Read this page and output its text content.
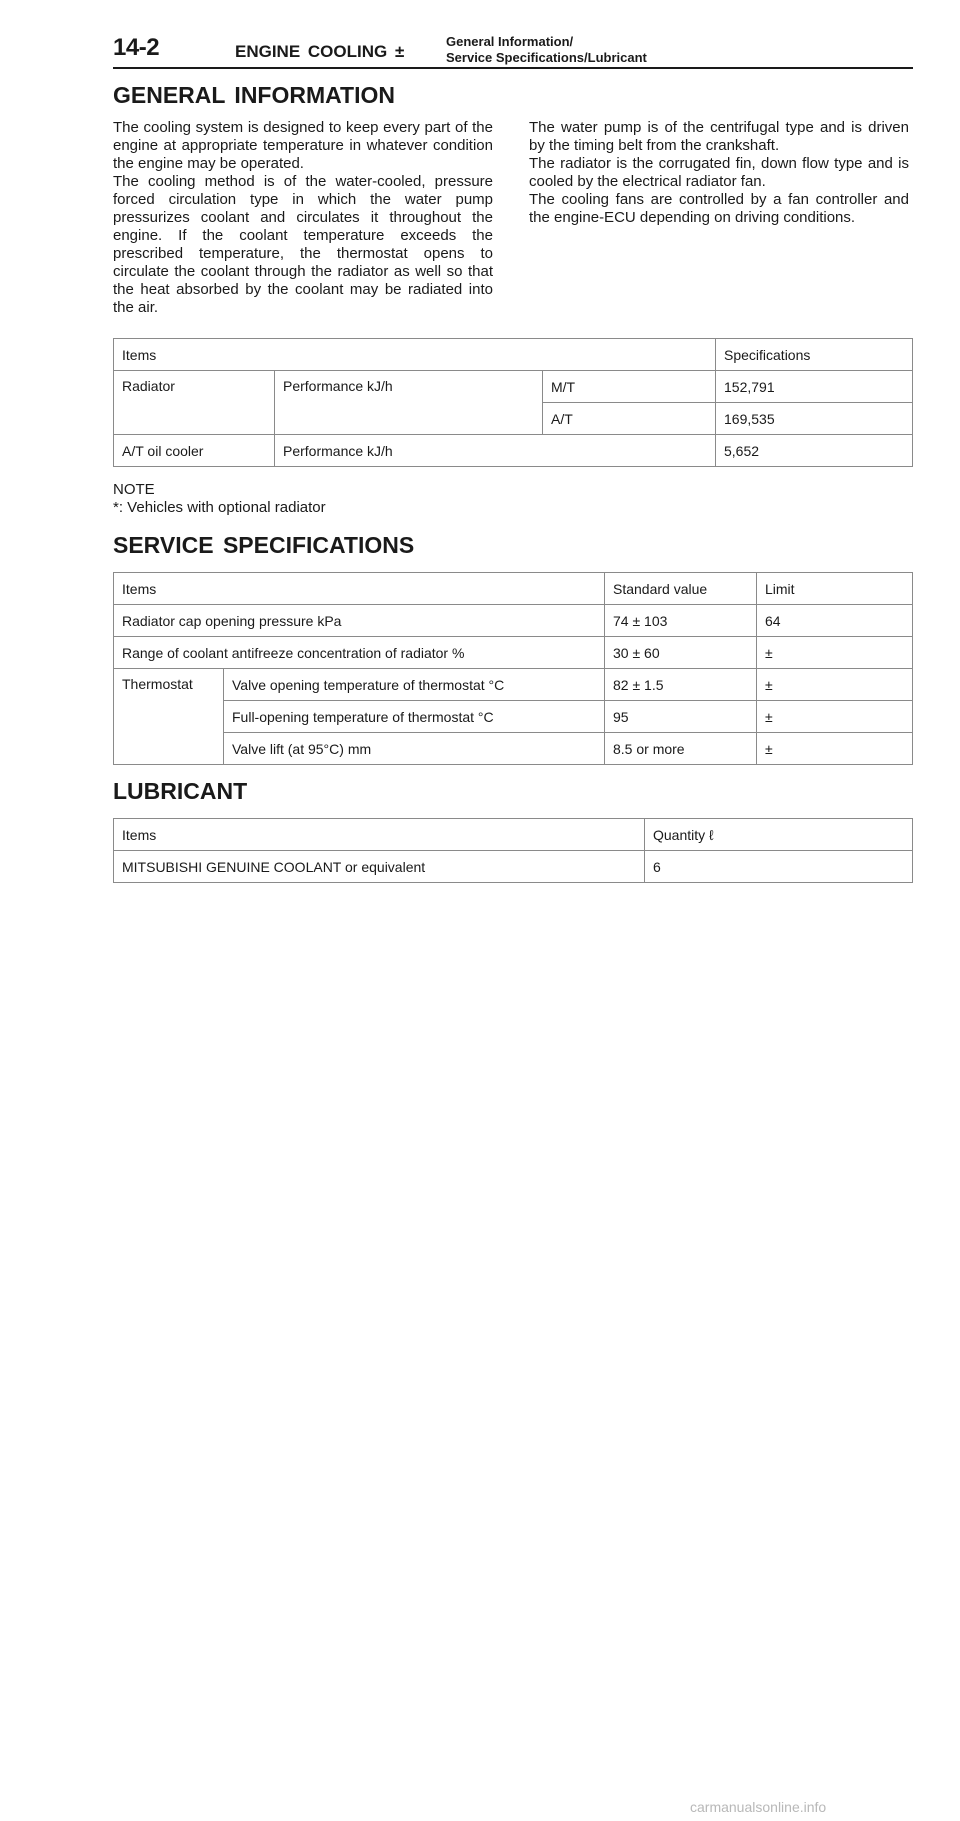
14-2	ENGINE COOLING ±
General Information/
Service Specifications/Lubricant
GENERAL INFORMATION

The cooling system is designed to keep every part of the engine at appropriate temperature in whatever condition the engine may be operated.

The cooling method is of the water-cooled, pressure forced circulation type in which the water pump pressurizes coolant and circulates it throughout the engine. If the coolant temperature exceeds the prescribed temperature, the thermostat opens to circulate the coolant through the radiator as well so that the heat absorbed by the coolant may be radiated into the air.

The water pump is of the centrifugal type and is driven by the timing belt from the crankshaft.

The radiator is the corrugated fin, down flow type and is cooled by the electrical radiator fan.

The cooling fans are controlled by a fan controller and the engine-ECU depending on driving conditions.

Items			Specifications
Radiator	Performance kJ/h	M/T	152,791
		A/T	169,535
A/T oil cooler	Performance kJ/h		5,652
NOTE
*: Vehicles with optional radiator
SERVICE SPECIFICATIONS
Items		Standard value	Limit
Radiator cap opening pressure kPa		74 ± 103	64
Range of coolant antifreeze concentration of radiator %		30 ± 60	±
Thermostat	Valve opening temperature of thermostat °C	82 ± 1.5	±
	Full-opening temperature of thermostat °C	95	±
	Valve lift (at 95°C) mm	8.5 or more	±
LUBRICANT
Items	Quantity ℓ
MITSUBISHI GENUINE COOLANT or equivalent	6
carmanualsonline.info
